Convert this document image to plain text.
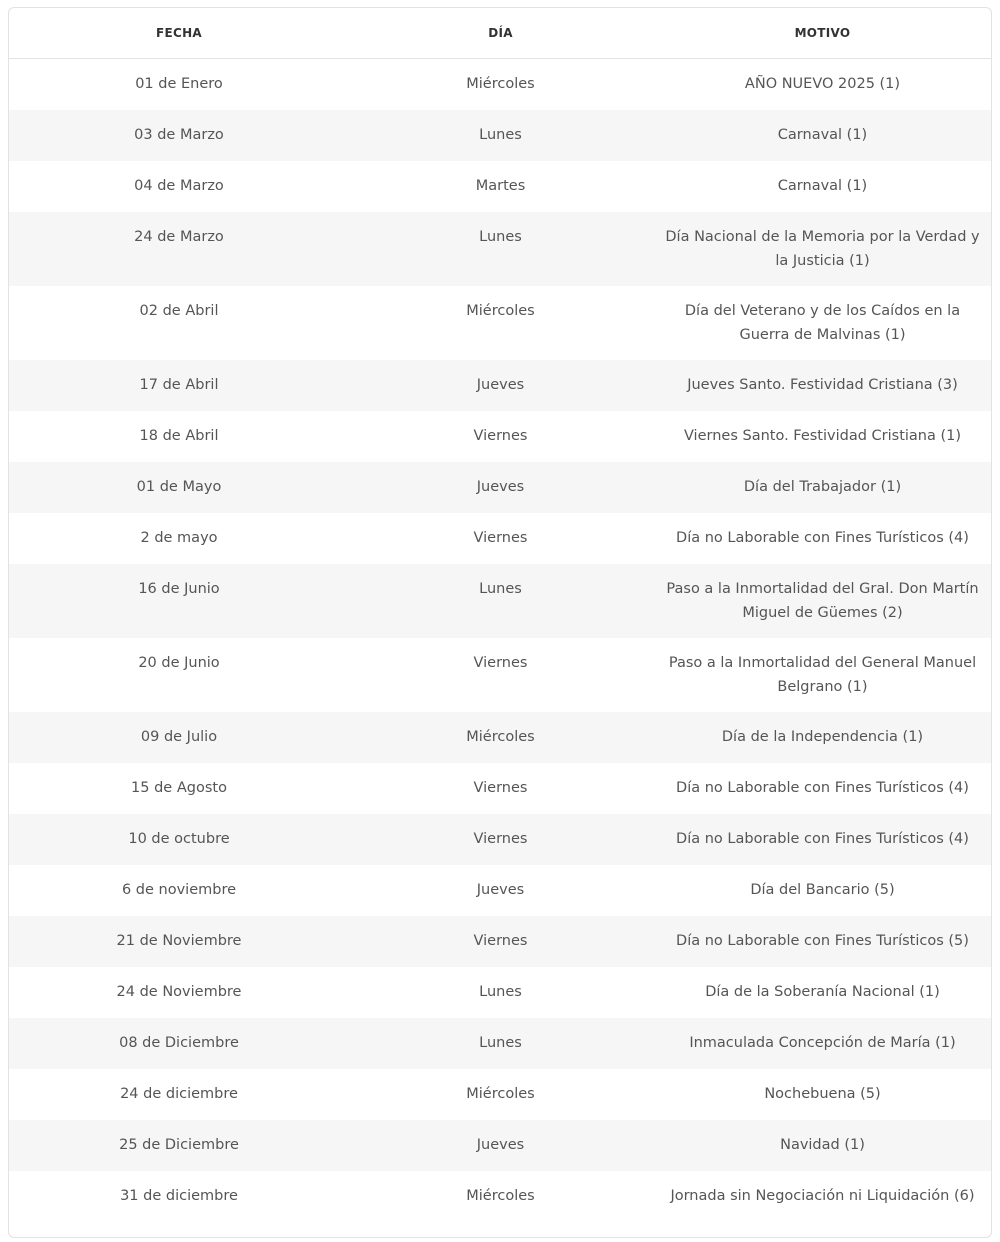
FECHA	DÍA	MOTIVO
01 de Enero	Miércoles	AÑO NUEVO 2025 (1)
03 de Marzo	Lunes	Carnaval (1)
04 de Marzo	Martes	Carnaval (1)
24 de Marzo	Lunes	Día Nacional de la Memoria por la Verdad y la Justicia (1)
02 de Abril	Miércoles	Día del Veterano y de los Caídos en la Guerra de Malvinas (1)
17 de Abril	Jueves	Jueves Santo. Festividad Cristiana (3)
18 de Abril	Viernes	Viernes Santo. Festividad Cristiana (1)
01 de Mayo	Jueves	Día del Trabajador (1)
2 de mayo	Viernes	Día no Laborable con Fines Turísticos (4)
16 de Junio	Lunes	Paso a la Inmortalidad del Gral. Don Martín Miguel de Güemes (2)
20 de Junio	Viernes	Paso a la Inmortalidad del General Manuel Belgrano (1)
09 de Julio	Miércoles	Día de la Independencia (1)
15 de Agosto	Viernes	Día no Laborable con Fines Turísticos (4)
10 de octubre	Viernes	Día no Laborable con Fines Turísticos (4)
6 de noviembre	Jueves	Día del Bancario (5)
21 de Noviembre	Viernes	Día no Laborable con Fines Turísticos (5)
24 de Noviembre	Lunes	Día de la Soberanía Nacional (1)
08 de Diciembre	Lunes	Inmaculada Concepción de María (1)
24 de diciembre	Miércoles	Nochebuena (5)
25 de Diciembre	Jueves	Navidad (1)
31 de diciembre	Miércoles	Jornada sin Negociación ni Liquidación (6)
